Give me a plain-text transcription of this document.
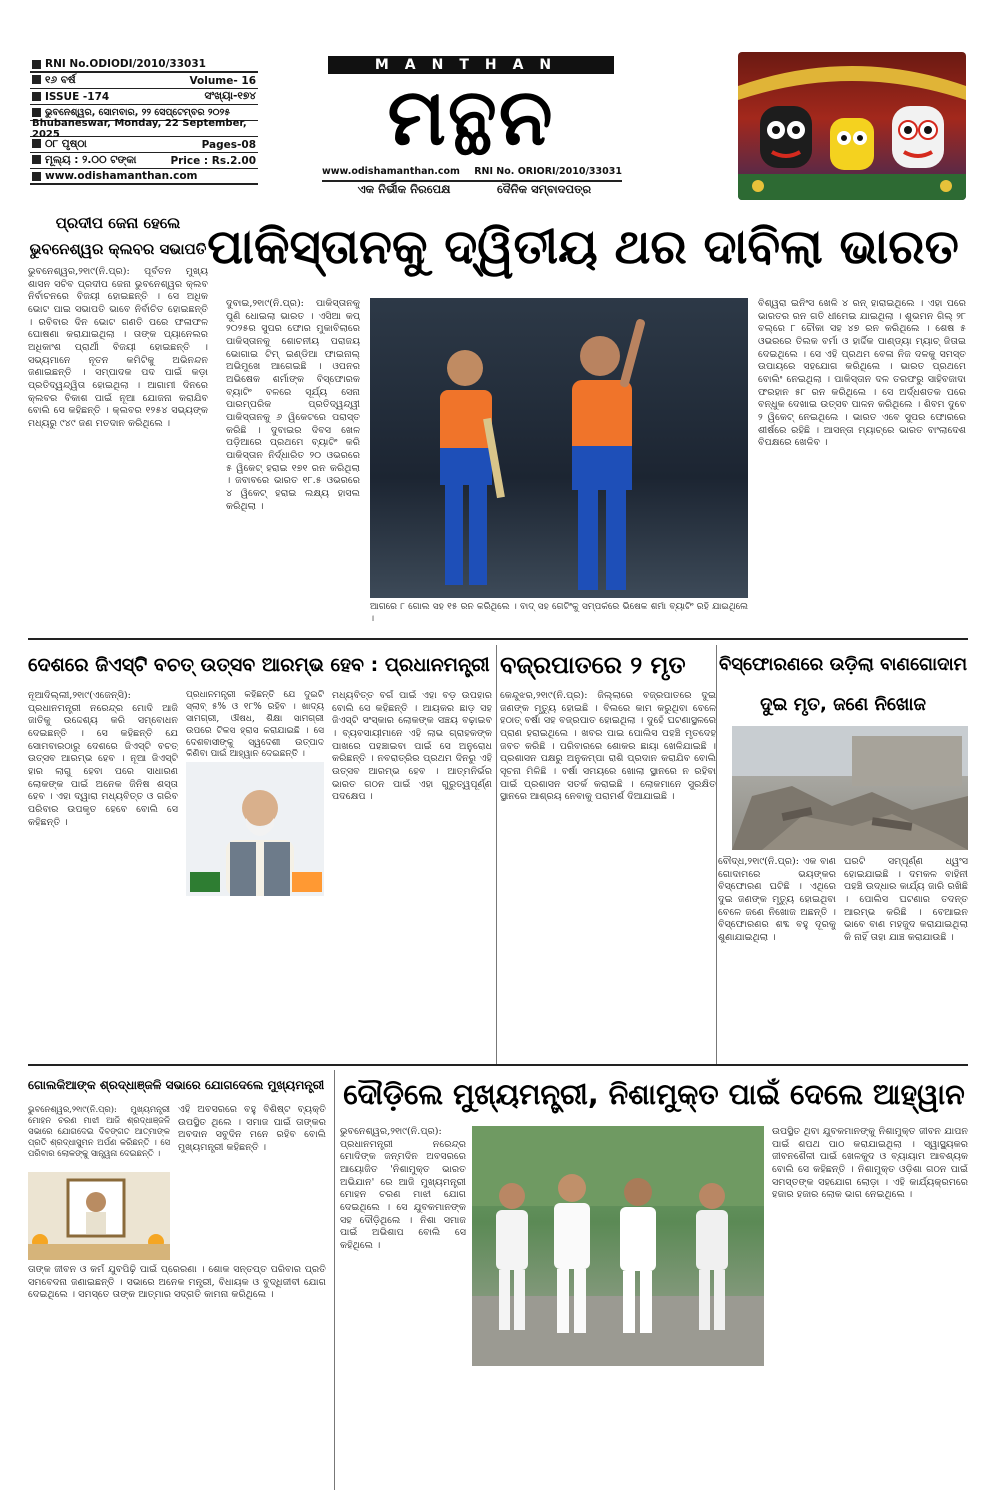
RNI No.ODIODI/2010/33031
୧୬ ବର୍ଷ	Volume- 16
ISSUE -174	ସଂଖ୍ୟା-୧୭୪
ଭୁବନେଶ୍ୱର, ସୋମବାର, ୨୨ ସେପ୍ଟେମ୍ବର ୨୦୨୫
Bhubaneswar, Monday, 22 September, 2025
୦୮ ପୃଷ୍ଠା	Pages-08
ମୂଲ୍ୟ : ୨.୦୦ ଟଙ୍କା	Price : Rs.2.00
www.odishamanthan.com
MANTHAN
ମନ୍ଥନ
www.odishamanthan.com	RNI No. ORIORI/2010/33031
ଏକ ନିର୍ଭୀକ ନିରପେକ୍ଷ	ଦୈନିକ ସମ୍ବାଦପତ୍ର
ପ୍ରଦୀପ ଜେନା ହେଲେ ଭୁବନେଶ୍ୱର କ୍ଲବର ସଭାପତି
ଭୁବନେଶ୍ୱର,୨୧ା୯(ନି.ପ୍ର): ପୂର୍ବତନ ମୁଖ୍ୟ ଶାସନ ସଚିବ ପ୍ରଦୀପ ଜେନା ଭୁବନେଶ୍ୱର କ୍ଲବ ନିର୍ବାଚନରେ ବିଜୟୀ ହୋଇଛନ୍ତି । ସେ ଅଧିକ ଭୋଟ ପାଇ ସଭାପତି ଭାବେ ନିର୍ବାଚିତ ହୋଇଛନ୍ତି । ରବିବାର ଦିନ ଭୋଟ ଗଣତି ପରେ ଫଳାଫଳ ଘୋଷଣା କରାଯାଇଥିଲା । ତାଙ୍କ ପ୍ୟାନେଲର ଅଧିକାଂଶ ପ୍ରାର୍ଥୀ ବିଜୟୀ ହୋଇଛନ୍ତି । ସଭ୍ୟମାନେ ନୂତନ କମିଟିକୁ ଅଭିନନ୍ଦନ ଜଣାଇଛନ୍ତି । ସମ୍ପାଦକ ପଦ ପାଇଁ କଡ଼ା ପ୍ରତିଦ୍ୱନ୍ଦ୍ୱିତା ହୋଇଥିଲା । ଆଗାମୀ ଦିନରେ କ୍ଲବର ବିକାଶ ପାଇଁ ନୂଆ ଯୋଜନା କରାଯିବ ବୋଲି ସେ କହିଛନ୍ତି । କ୍ଲବର ୧୨୫୪ ସଭ୍ୟଙ୍କ ମଧ୍ୟରୁ ୯୪୯ ଜଣ ମତଦାନ କରିଥିଲେ ।
ପାକିସ୍ତାନକୁ ଦ୍ୱିତୀୟ ଥର ଦାବିଲା ଭାରତ
ଦୁବାଇ,୨୧ା୯(ନି.ପ୍ର): ପାକିସ୍ତାନକୁ ପୁଣି ଧୋଇଲା ଭାରତ । ଏସିଆ କପ୍ ୨୦୨୫ର ସୁପର ଫୋର ମୁକାବିଲାରେ ପାକିସ୍ତାନକୁ ଶୋଚନୀୟ ପରାଜୟ ଭୋଗାଇ ଟିମ୍ ଇଣ୍ଡିଆ ଫାଇନାଲ୍ ଅଭିମୁଖେ ଆଗେଇଛି । ଓପନର ଅଭିଷେକ ଶର୍ମାଙ୍କ ବିସ୍ଫୋରକ ବ୍ୟାଟିଂ ବଳରେ ସୂର୍ଯ୍ୟ ସେନା ପାରମ୍ପରିକ ପ୍ରତିଦ୍ୱନ୍ଦ୍ୱୀ ପାକିସ୍ତାନକୁ ୬ ୱିକେଟରେ ପରାସ୍ତ କରିଛି । ଦୁବାଇର ଦିବସ ଖେଳ ପଡ଼ିଆରେ ପ୍ରଥମେ ବ୍ୟାଟିଂ କରି ପାକିସ୍ତାନ ନିର୍ଦ୍ଧାରିତ ୨୦ ଓଭରରେ ୫ ୱିକେଟ୍ ହରାଇ ୧୭୧ ରନ କରିଥିଲା । ଜବାବରେ ଭାରତ ୧୮.୫ ଓଭରରେ ୪ ୱିକେଟ୍ ହରାଇ ଲକ୍ଷ୍ୟ ହାସଲ କରିଥିଲା ।
ଆଗରେ ୮ ଗୋଲ ସହ ୧୫ ରନ କରିଥିଲେ । ବାଦ୍ ସହ ଗେଟିଂକୁ ସମ୍ପର୍କରେ ଭିଷେକ ଶର୍ମା ବ୍ୟାଟିଂ ରହି ଯାଇଥିଲେ ।
ବିଶ୍ୱରା ଇନିଂସ ଖେଳି ୪ ରନ୍ ହାରାଇଥିଲେ । ଏହା ପରେ ଭାରତର ରନ ଗତି ଧୀମେଇ ଯାଇଥିଲା । ଶୁଭମନ ଗିଲ୍ ୨୮ ବଲ୍‌ରେ ୮ ଚୌକା ସହ ୪୭ ରନ କରିଥିଲେ । ଶେଷ ୫ ଓଭରରେ ତିଲକ ବର୍ମା ଓ ହାର୍ଦ୍ଦିକ ପାଣ୍ଡ୍ୟା ମ୍ୟାଚ୍ ଜିତାଇ ଦେଇଥିଲେ । ସେ ଏହି ପ୍ରଥମ ବେଳା ନିଜ ଦଳକୁ ସମସ୍ତ ଉପାୟରେ ସହଯୋଗ କରିଥିଲେ । ଭାରତ ପ୍ରଥମେ ବୋଲିଂ ନେଇଥିଲା । ପାକିସ୍ତାନ ଦଳ ତରଫରୁ ସାହିବଜାଦା ଫରହାନ ୫୮ ରନ କରିଥିଲେ । ସେ ଅର୍ଦ୍ଧଶତକ ପରେ ବନ୍ଧୁକ ଦେଖାଇ ଉତ୍ସବ ପାଳନ କରିଥିଲେ । ଶିବମ ଦୁବେ ୨ ୱିକେଟ୍ ନେଇଥିଲେ । ଭାରତ ଏବେ ସୁପର ଫୋରରେ ଶୀର୍ଷରେ ରହିଛି । ଆସନ୍ତା ମ୍ୟାଚ୍‌ରେ ଭାରତ ବାଂଲାଦେଶ ବିପକ୍ଷରେ ଖେଳିବ ।
ଦେଶରେ ଜିଏସ୍‌ଟି ବଚତ୍ ଉତ୍ସବ ଆରମ୍ଭ ହେବ : ପ୍ରଧାନମନ୍ତ୍ରୀ
ନୂଆଦିଲ୍ଲୀ,୨୧ା୯(ଏଜେନ୍ସି): ପ୍ରଧାନମନ୍ତ୍ରୀ ନରେନ୍ଦ୍ର ମୋଦି ଆଜି ଜାତିକୁ ଉଦ୍ଦେଶ୍ୟ କରି ସମ୍ବୋଧନ ଦେଇଛନ୍ତି । ସେ କହିଛନ୍ତି ଯେ ସୋମବାରଠାରୁ ଦେଶରେ ଜିଏସ୍‌ଟି ବଚତ୍ ଉତ୍ସବ ଆରମ୍ଭ ହେବ । ନୂଆ ଜିଏସ୍‌ଟି ହାର ଲାଗୁ ହେବା ପରେ ସାଧାରଣ ଲୋକଙ୍କ ପାଇଁ ଅନେକ ଜିନିଷ ଶସ୍ତା ହେବ । ଏହା ଦ୍ୱାରା ମଧ୍ୟବିତ୍ତ ଓ ଗରିବ ପରିବାର ଉପକୃତ ହେବେ ବୋଲି ସେ କହିଛନ୍ତି ।
ପ୍ରଧାନମନ୍ତ୍ରୀ କହିଛନ୍ତି ଯେ ଦୁଇଟି ସ୍ଲାବ୍ ୫% ଓ ୧୮% ରହିବ । ଖାଦ୍ୟ ସାମଗ୍ରୀ, ଔଷଧ, ଶିକ୍ଷା ସାମଗ୍ରୀ ଉପରେ ଟିକସ ହ୍ରାସ କରାଯାଇଛି । ସେ ଦେଶବାସୀଙ୍କୁ ସ୍ୱଦେଶୀ ଉତ୍ପାଦ କିଣିବା ପାଇଁ ଆହ୍ୱାନ ଦେଇଛନ୍ତି ।
ମଧ୍ୟବିତ୍ତ ବର୍ଗ ପାଇଁ ଏହା ବଡ଼ ଉପହାର ବୋଲି ସେ କହିଛନ୍ତି । ଆୟକର ଛାଡ଼ ସହ ଜିଏସ୍‌ଟି ସଂସ୍କାର ଲୋକଙ୍କ ସଞ୍ଚୟ ବଢ଼ାଇବ । ବ୍ୟବସାୟୀମାନେ ଏହି ଲାଭ ଗ୍ରାହକଙ୍କ ପାଖରେ ପହଞ୍ଚାଇବା ପାଇଁ ସେ ଅନୁରୋଧ କରିଛନ୍ତି । ନବରାତ୍ରିର ପ୍ରଥମ ଦିନରୁ ଏହି ଉତ୍ସବ ଆରମ୍ଭ ହେବ । ଆତ୍ମନିର୍ଭର ଭାରତ ଗଠନ ପାଇଁ ଏହା ଗୁରୁତ୍ୱପୂର୍ଣ୍ଣ ପଦକ୍ଷେପ ।
ବଜ୍ରପାତରେ ୨ ମୃତ
କେନ୍ଦୁଝର,୨୧ା୯(ନି.ପ୍ର): ଜିଲ୍ଲାରେ ବଜ୍ରପାତରେ ଦୁଇ ଜଣଙ୍କ ମୃତ୍ୟୁ ହୋଇଛି । ବିଲରେ କାମ କରୁଥିବା ବେଳେ ହଠାତ୍ ବର୍ଷା ସହ ବଜ୍ରପାତ ହୋଇଥିଲା । ଦୁହେଁ ଘଟଣାସ୍ଥଳରେ ପ୍ରାଣ ହରାଇଥିଲେ । ଖବର ପାଇ ପୋଲିସ ପହଞ୍ଚି ମୃତଦେହ ଜବତ କରିଛି । ପରିବାରରେ ଶୋକର ଛାୟା ଖେଳିଯାଇଛି । ପ୍ରଶାସନ ପକ୍ଷରୁ ଅନୁକମ୍ପା ରାଶି ପ୍ରଦାନ କରାଯିବ ବୋଲି ସୂଚନା ମିଳିଛି । ବର୍ଷା ସମୟରେ ଖୋଲା ସ୍ଥାନରେ ନ ରହିବା ପାଇଁ ପ୍ରଶାସନ ସତର୍କ କରାଇଛି । ଲୋକମାନେ ସୁରକ୍ଷିତ ସ୍ଥାନରେ ଆଶ୍ରୟ ନେବାକୁ ପରାମର୍ଶ ଦିଆଯାଇଛି ।
ବିସ୍ଫୋରଣରେ ଉଡ଼ିଲା ବାଣଗୋଦାମ
ଦୁଇ ମୃତ, ଜଣେ ନିଖୋଜ
ବୌଦ୍ଧ,୨୧ା୯(ନି.ପ୍ର): ଏକ ବାଣ ଗୋଦାମରେ ଭୟଙ୍କର ବିସ୍ଫୋରଣ ଘଟିଛି । ଏଥିରେ ଦୁଇ ଜଣଙ୍କ ମୃତ୍ୟୁ ହୋଇଥିବା ବେଳେ ଜଣେ ନିଖୋଜ ଅଛନ୍ତି । ବିସ୍ଫୋରଣର ଶବ୍ଦ ବହୁ ଦୂରକୁ ଶୁଣାଯାଇଥିଲା ।
ଘରଟି ସମ୍ପୂର୍ଣ୍ଣ ଧ୍ୱଂସ ହୋଇଯାଇଛି । ଦମକଳ ବାହିନୀ ପହଞ୍ଚି ଉଦ୍ଧାର କାର୍ଯ୍ୟ ଜାରି ରଖିଛି । ପୋଲିସ ଘଟଣାର ତଦନ୍ତ ଆରମ୍ଭ କରିଛି । ବେଆଇନ ଭାବେ ବାଣ ମହଜୁଦ କରାଯାଇଥିଲା କି ନାହିଁ ତାହା ଯାଞ୍ଚ କରାଯାଉଛି ।
ଗୋଲକିଆଙ୍କ ଶ୍ରଦ୍ଧାଞ୍ଜଳି ସଭାରେ ଯୋଗଦେଲେ ମୁଖ୍ୟମନ୍ତ୍ରୀ
ଭୁବନେଶ୍ୱର,୨୧ା୯(ନି.ପ୍ର): ମୁଖ୍ୟମନ୍ତ୍ରୀ ମୋହନ ଚରଣ ମାଝୀ ଆଜି ଶ୍ରଦ୍ଧାଞ୍ଜଳି ସଭାରେ ଯୋଗଦେଇ ଦିବଙ୍ଗତ ଆତ୍ମାଙ୍କ ପ୍ରତି ଶ୍ରଦ୍ଧାସୁମନ ଅର୍ପଣ କରିଛନ୍ତି । ସେ ପରିବାର ଲୋକଙ୍କୁ ସାନ୍ତ୍ୱନା ଦେଇଛନ୍ତି ।
ଏହି ଅବସରରେ ବହୁ ବିଶିଷ୍ଟ ବ୍ୟକ୍ତି ଉପସ୍ଥିତ ଥିଲେ । ସମାଜ ପାଇଁ ତାଙ୍କର ଅବଦାନ ସବୁଦିନ ମନେ ରହିବ ବୋଲି ମୁଖ୍ୟମନ୍ତ୍ରୀ କହିଛନ୍ତି ।
ତାଙ୍କ ଜୀବନ ଓ କର୍ମ ଯୁବପିଢ଼ି ପାଇଁ ପ୍ରେରଣା । ଶୋକ ସନ୍ତପ୍ତ ପରିବାର ପ୍ରତି ସମବେଦନା ଜଣାଇଛନ୍ତି । ସଭାରେ ଅନେକ ମନ୍ତ୍ରୀ, ବିଧାୟକ ଓ ବୁଦ୍ଧିଜୀବୀ ଯୋଗ ଦେଇଥିଲେ । ସମସ୍ତେ ତାଙ୍କ ଆତ୍ମାର ସଦ୍‌ଗତି କାମନା କରିଥିଲେ ।
ଦୌଡ଼ିଲେ ମୁଖ୍ୟମନ୍ତ୍ରୀ, ନିଶାମୁକ୍ତ ପାଇଁ ଦେଲେ ଆହ୍ୱାନ
ଭୁବନେଶ୍ୱର,୨୧ା୯(ନି.ପ୍ର): ପ୍ରଧାନମନ୍ତ୍ରୀ ନରେନ୍ଦ୍ର ମୋଦିଙ୍କ ଜନ୍ମଦିନ ଅବସରରେ ଆୟୋଜିତ 'ନିଶାମୁକ୍ତ ଭାରତ ଅଭିଯାନ' ରେ ଆଜି ମୁଖ୍ୟମନ୍ତ୍ରୀ ମୋହନ ଚରଣ ମାଝୀ ଯୋଗ ଦେଇଥିଲେ । ସେ ଯୁବକମାନଙ୍କ ସହ ଦୌଡ଼ିଥିଲେ । ନିଶା ସମାଜ ପାଇଁ ଅଭିଶାପ ବୋଲି ସେ କହିଥିଲେ ।
ଉପସ୍ଥିତ ଥିବା ଯୁବକମାନଙ୍କୁ ନିଶାମୁକ୍ତ ଜୀବନ ଯାପନ ପାଇଁ ଶପଥ ପାଠ କରାଯାଇଥିଲା । ସ୍ୱାସ୍ଥ୍ୟକର ଜୀବନଶୈଳୀ ପାଇଁ ଖେଳକୁଦ ଓ ବ୍ୟାୟାମ ଆବଶ୍ୟକ ବୋଲି ସେ କହିଛନ୍ତି । ନିଶାମୁକ୍ତ ଓଡ଼ିଶା ଗଠନ ପାଇଁ ସମସ୍ତଙ୍କ ସହଯୋଗ ଲୋଡ଼ା । ଏହି କାର୍ଯ୍ୟକ୍ରମରେ ହଜାର ହଜାର ଲୋକ ଭାଗ ନେଇଥିଲେ ।
